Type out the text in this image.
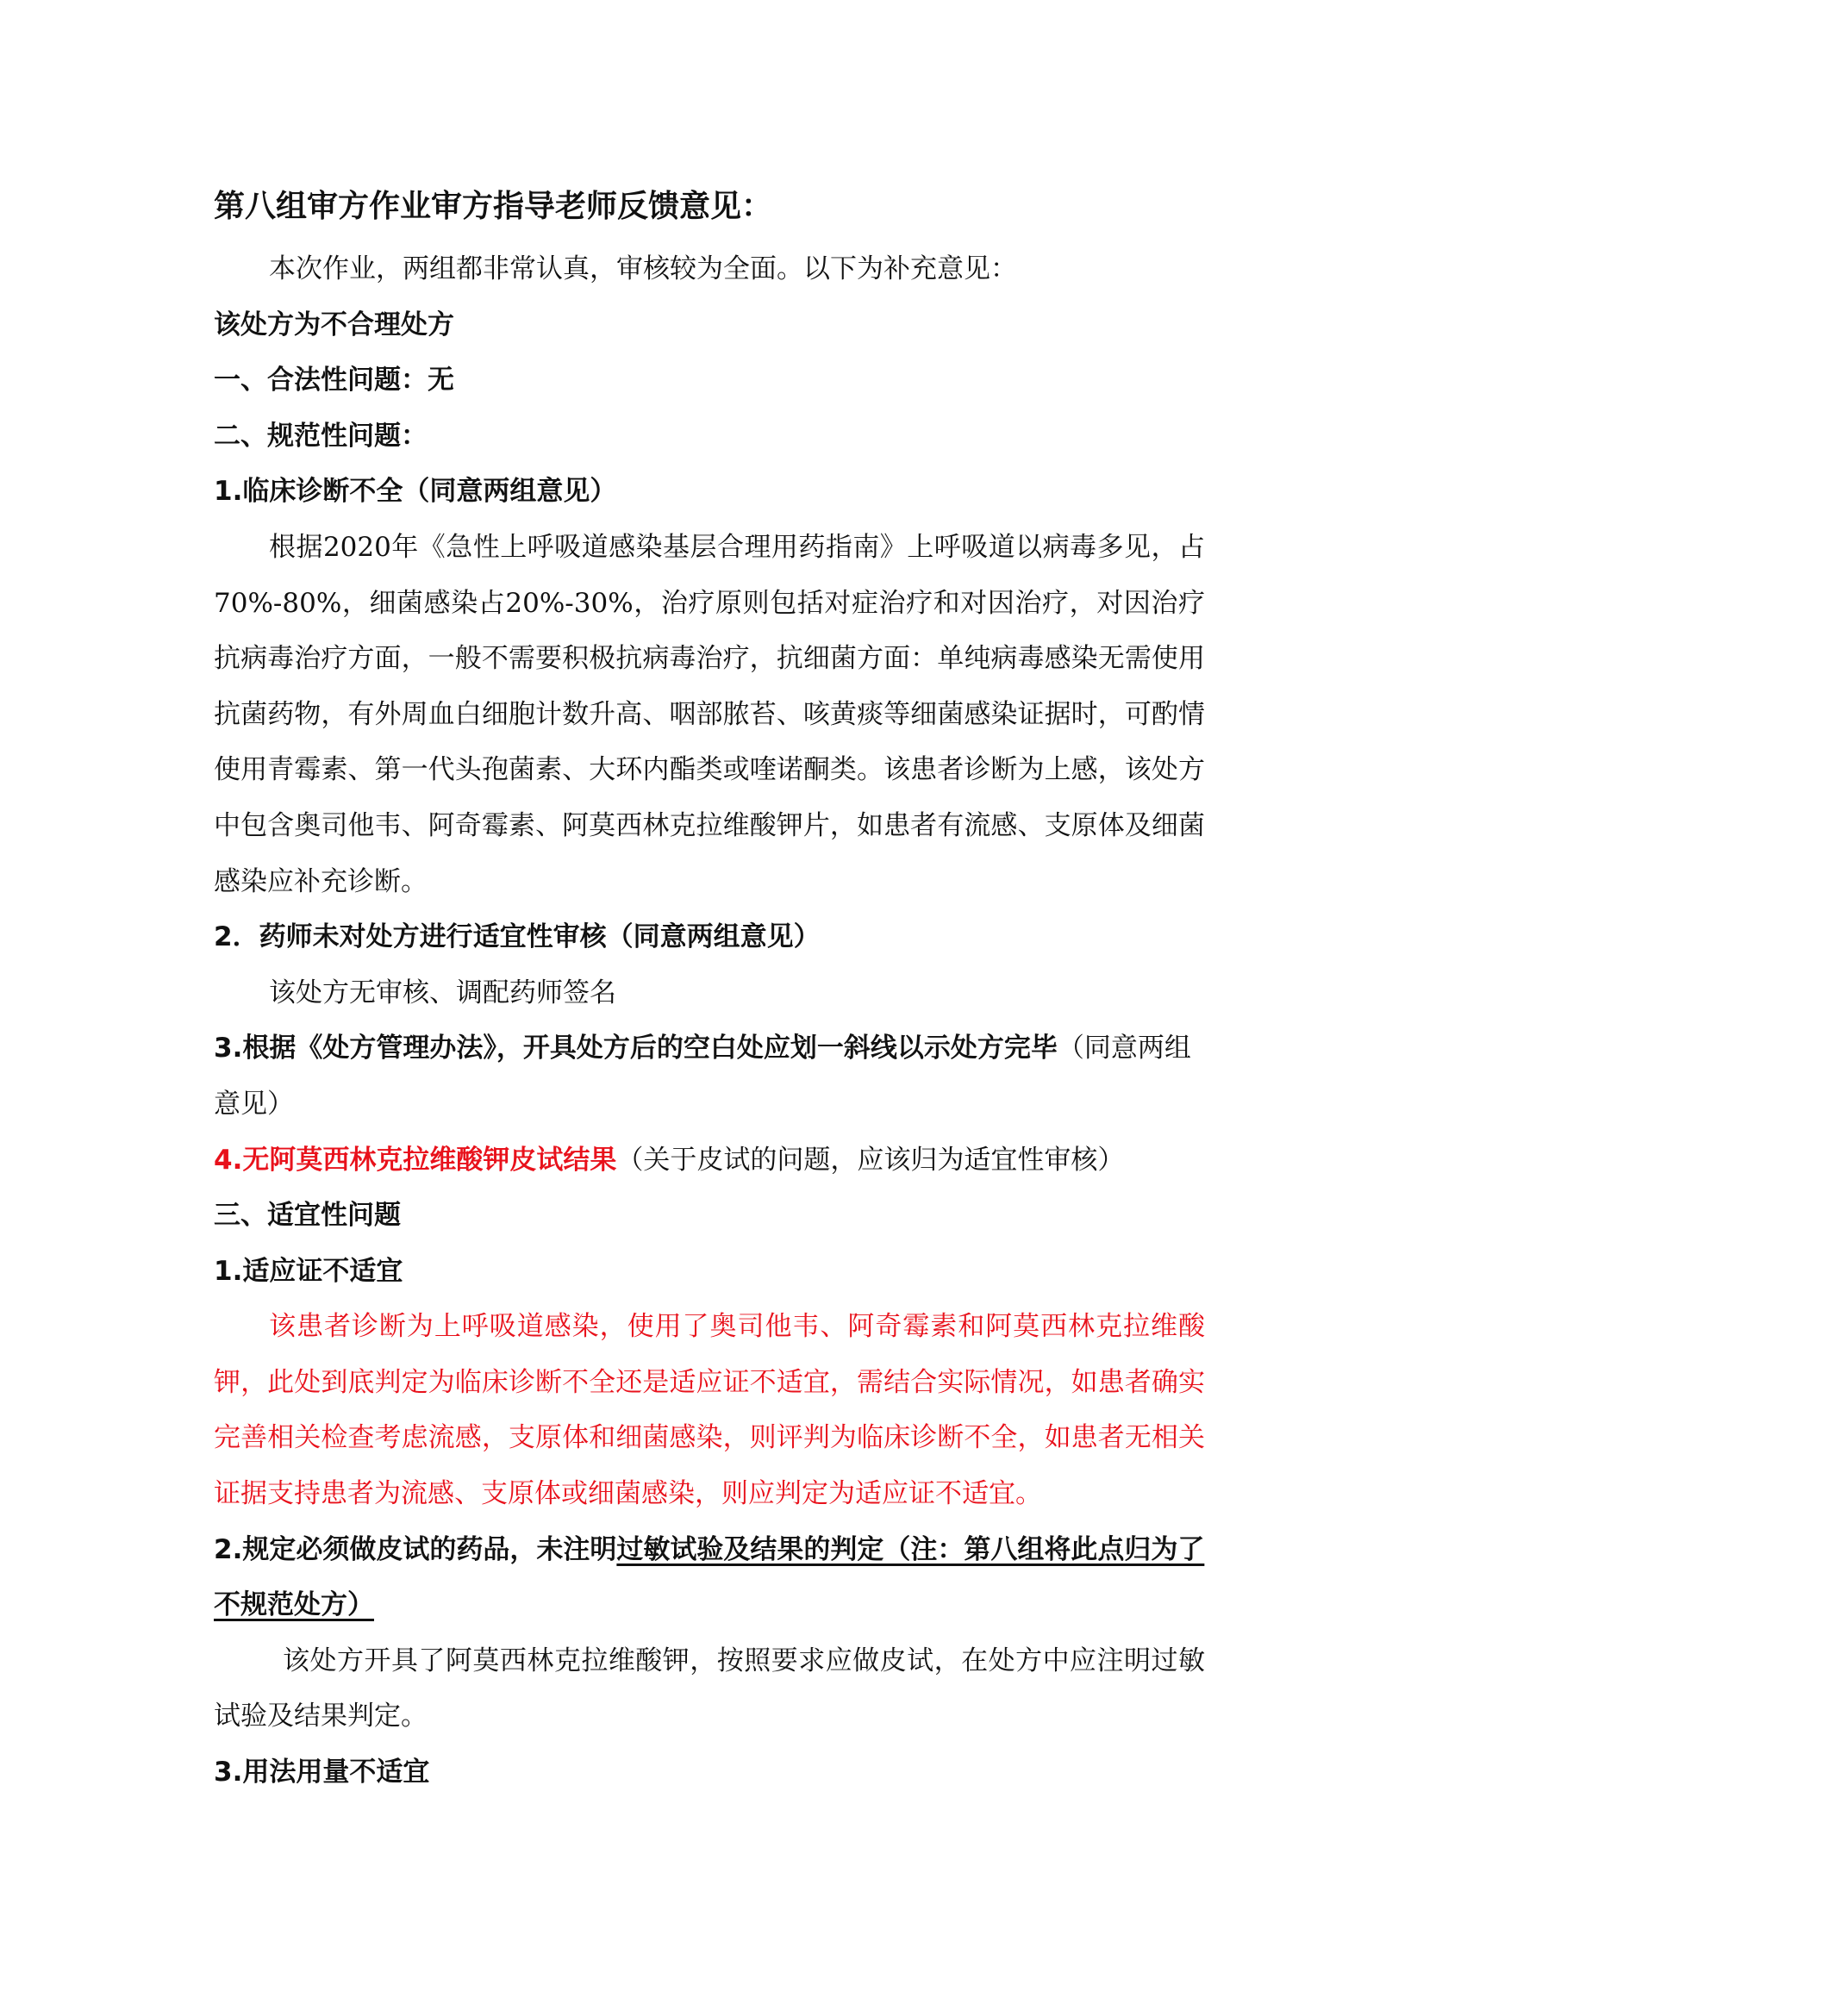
第八组审方作业审方指导老师反馈意见：

本次作业，两组都非常认真，审核较为全面。以下为补充意见：

该处方为不合理处方

一、合法性问题：无

二、规范性问题：

1.临床诊断不全（同意两组意见）

根据2020年《急性上呼吸道感染基层合理用药指南》上呼吸道以病毒多见，占70%-80%，细菌感染占20%-30%，治疗原则包括对症治疗和对因治疗，对因治疗抗病毒治疗方面，一般不需要积极抗病毒治疗，抗细菌方面：单纯病毒感染无需使用抗菌药物，有外周血白细胞计数升高、咽部脓苔、咳黄痰等细菌感染证据时，可酌情使用青霉素、第一代头孢菌素、大环内酯类或喹诺酮类。该患者诊断为上感，该处方中包含奥司他韦、阿奇霉素、阿莫西林克拉维酸钾片，如患者有流感、支原体及细菌感染应补充诊断。

2．药师未对处方进行适宜性审核（同意两组意见）

该处方无审核、调配药师签名

3.根据《处方管理办法》，开具处方后的空白处应划一斜线以示处方完毕（同意两组意见）

4.无阿莫西林克拉维酸钾皮试结果（关于皮试的问题，应该归为适宜性审核）

三、适宜性问题

1.适应证不适宜

该患者诊断为上呼吸道感染，使用了奥司他韦、阿奇霉素和阿莫西林克拉维酸钾，此处到底判定为临床诊断不全还是适应证不适宜，需结合实际情况，如患者确实完善相关检查考虑流感，支原体和细菌感染，则评判为临床诊断不全，如患者无相关证据支持患者为流感、支原体或细菌感染，则应判定为适应证不适宜。

2.规定必须做皮试的药品，未注明过敏试验及结果的判定（注：第八组将此点归为了不规范处方）

该处方开具了阿莫西林克拉维酸钾，按照要求应做皮试，在处方中应注明过敏试验及结果判定。

3.用法用量不适宜
